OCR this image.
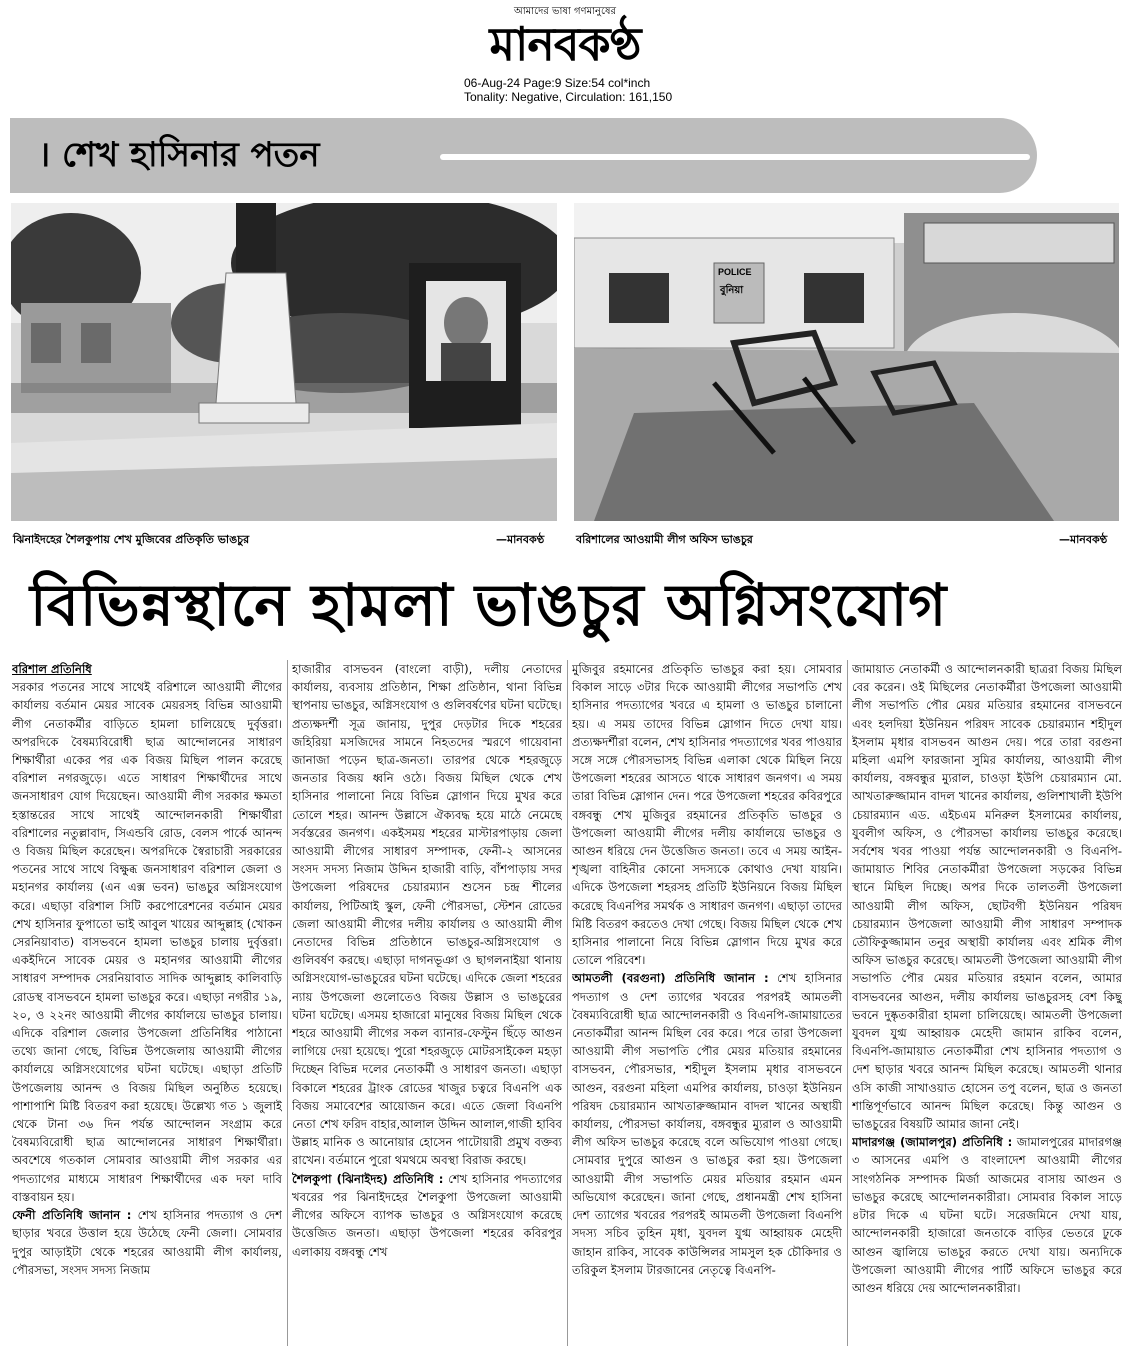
আমাদের ভাষা গণমানুষের
মানবকণ্ঠ
06-Aug-24 Page:9 Size:54 col*inch
Tonality: Negative, Circulation: 161,150
। শেখ হাসিনার পতন
ঝিনাইদহের শৈলকুপায় শেখ মুজিবের প্রতিকৃতি ভাঙচুর	—মানবকণ্ঠ
POLICE
বুনিয়া
বরিশালের আওয়ামী লীগ অফিস ভাঙচুর	—মানবকণ্ঠ
বিভিন্নস্থানে হামলা ভাঙচুর অগ্নিসংযোগ

বরিশাল প্রতিনিধি

সরকার পতনের সাথে সাথেই বরিশালে আওয়ামী লীগের কার্যালয় বর্তমান মেয়র সাবেক মেয়রসহ বিভিন্ন আওয়ামী লীগ নেতাকর্মীর বাড়িতে হামলা চালিয়েছে দুর্বৃত্তরা। অপরদিকে বৈষম্যবিরোধী ছাত্র আন্দোলনের সাধারণ শিক্ষার্থীরা একের পর এক বিজয় মিছিল পালন করেছে বরিশাল নগরজুড়ে। এতে সাধারণ শিক্ষার্থীদের সাথে জনসাধারণ যোগ দিয়েছেন। আওয়ামী লীগ সরকার ক্ষমতা হস্তান্তরের সাথে সাথেই আন্দোলনকারী শিক্ষার্থীরা বরিশালের নতুল্লাবাদ, সিএন্ডবি রোড, বেলস পার্কে আনন্দ ও বিজয় মিছিল করেছেন। অপরদিকে স্বৈরাচারী সরকারের পতনের সাথে সাথে বিক্ষুব্ধ জনসাধারণ বরিশাল জেলা ও মহানগর কার্যালয় (এন এক্স ভবন) ভাঙচুর অগ্নিসংযোগ করে। এছাড়া বরিশাল সিটি করপোরেশনের বর্তমান মেয়র শেখ হাসিনার ফুপাতো ভাই আবুল খায়ের আব্দুল্লাহ (খোকন সেরনিয়াবাত) বাসভবনে হামলা ভাঙচুর চালায় দুর্বৃত্তরা। একইদিনে সাবেক মেয়র ও মহানগর আওয়ামী লীগের সাধারণ সম্পাদক সেরনিয়াবাত সাদিক আব্দুল্লাহ কালিবাড়ি রোডস্থ বাসভবনে হামলা ভাঙচুর করে। এছাড়া নগরীর ১৯, ২০, ও ২২নং আওয়ামী লীগের কার্যালয়ে ভাঙচুর চালায়। এদিকে বরিশাল জেলার উপজেলা প্রতিনিধির পাঠানো তথ্যে জানা গেছে, বিভিন্ন উপজেলায় আওয়ামী লীগের কার্যালয়ে অগ্নিসংযোগের ঘটনা ঘটেছে। এছাড়া প্রতিটি উপজেলায় আনন্দ ও বিজয় মিছিল অনুষ্ঠিত হয়েছে। পাশাপাশি মিষ্টি বিতরণ করা হয়েছে। উল্লেখ্য গত ১ জুলাই থেকে টানা ৩৬ দিন পর্যন্ত আন্দোলন সংগ্রাম করে বৈষম্যবিরোধী ছাত্র আন্দোলনের সাধারণ শিক্ষার্থীরা। অবশেষে গতকাল সোমবার আওয়ামী লীগ সরকার এর পদত্যাগের মাধ্যমে সাধারণ শিক্ষার্থীদের এক দফা দাবি বাস্তবায়ন হয়।

ফেনী প্রতিনিধি জানান : শেখ হাসিনার পদত্যাগ ও দেশ ছাড়ার খবরে উত্তাল হয়ে উঠেছে ফেনী জেলা। সোমবার দুপুর আড়াইটা থেকে শহরের আওয়ামী লীগ কার্যালয়, পৌরসভা, সংসদ সদস্য নিজাম

হাজারীর বাসভবন (বাংলো বাড়ী), দলীয় নেতাদের কার্যালয়, ব্যবসায় প্রতিষ্ঠান, শিক্ষা প্রতিষ্ঠান, থানা বিভিন্ন স্থাপনায় ভাঙচুর, অগ্নিসংযোগ ও গুলিবর্ষণের ঘটনা ঘটেছে।

প্রত্যক্ষদর্শী সূত্র জানায়, দুপুর দেড়টার দিকে শহরের জহিরিয়া মসজিদের সামনে নিহতদের স্মরণে গায়েবানা জানাজা পড়েন ছাত্র-জনতা। তারপর থেকে শহরজুড়ে জনতার বিজয় ধ্বনি ওঠে। বিজয় মিছিল থেকে শেখ হাসিনার পালানো নিয়ে বিভিন্ন স্লোগান দিয়ে মুখর করে তোলে শহর। আনন্দ উল্লাসে ঐক্যবদ্ধ হয়ে মাঠে নেমেছে সর্বস্তরের জনগণ। একইসময় শহরের মাস্টারপাড়ায় জেলা আওয়ামী লীগের সাধারণ সম্পাদক, ফেনী-২ আসনের সংসদ সদস্য নিজাম উদ্দিন হাজারী বাড়ি, বাঁশপাড়ায় সদর উপজেলা পরিষদের চেয়ারম্যান শুসেন চন্দ্র শীলের কার্যালয়, পিটিআই স্কুল, ফেনী পৌরসভা, স্টেশন রোডের জেলা আওয়ামী লীগের দলীয় কার্যালয় ও আওয়ামী লীগ নেতাদের বিভিন্ন প্রতিষ্ঠানে ভাঙচুর-অগ্নিসংযোগ ও গুলিবর্ষণ করছে। এছাড়া দাগনভূঞা ও ছাগলনাইয়া থানায় অগ্নিসংযোগ-ভাঙচুরের ঘটনা ঘটেছে। এদিকে জেলা শহরের ন্যায় উপজেলা গুলোতেও বিজয় উল্লাস ও ভাঙচুরের ঘটনা ঘটেছে। এসময় হাজারো মানুষের বিজয় মিছিল থেকে শহরে আওয়ামী লীগের সকল ব্যানার-ফেস্টুন ছিঁড়ে আগুন লাগিয়ে দেয়া হয়েছে। পুরো শহরজুড়ে মোটরসাইকেল মহড়া দিচ্ছেন বিভিন্ন দলের নেতাকর্মী ও সাধারণ জনতা। এছাড়া বিকালে শহরের ট্রাংক রোডের খাজুর চত্বরে বিএনপি এক বিজয় সমাবেশের আয়োজন করে। এতে জেলা বিএনপি নেতা শেখ ফরিদ বাহার,আলাল উদ্দিন আলাল,গাজী হাবিব উল্লাহ মানিক ও আনোয়ার হোসেন পাটোয়ারী প্রমুখ বক্তব্য রাখেন। বর্তমানে পুরো থমথমে অবস্থা বিরাজ করছে।

শৈলকুপা (ঝিনাইদহ) প্রতিনিধি : শেখ হাসিনার পদত্যাগের খবরের পর ঝিনাইদহের শৈলকুপা উপজেলা আওয়ামী লীগের অফিসে ব্যাপক ভাঙচুর ও অগ্নিসংযোগ করেছে উত্তেজিত জনতা। এছাড়া উপজেলা শহরের কবিরপুর এলাকায় বঙ্গবন্ধু শেখ

মুজিবুর রহমানের প্রতিকৃতি ভাঙচুর করা হয়। সোমবার বিকাল সাড়ে ৩টার দিকে আওয়ামী লীগের সভাপতি শেখ হাসিনার পদত্যাগের খবরে এ হামলা ও ভাঙচুর চালানো হয়। এ সময় তাদের বিভিন্ন স্লোগান দিতে দেখা যায়। প্রত্যক্ষদর্শীরা বলেন, শেখ হাসিনার পদত্যাগের খবর পাওয়ার সঙ্গে সঙ্গে পৌরসভাসহ বিভিন্ন এলাকা থেকে মিছিল নিয়ে উপজেলা শহরের আসতে থাকে সাধারণ জনগণ। এ সময় তারা বিভিন্ন স্লোগান দেন। পরে উপজেলা শহরের কবিরপুরে বঙ্গবন্ধু শেখ মুজিবুর রহমানের প্রতিকৃতি ভাঙচুর ও উপজেলা আওয়ামী লীগের দলীয় কার্যালয়ে ভাঙচুর ও আগুন ধরিয়ে দেন উত্তেজিত জনতা। তবে এ সময় আইন-শৃঙ্খলা বাহিনীর কোনো সদস্যকে কোথাও দেখা যায়নি। এদিকে উপজেলা শহরসহ প্রতিটি ইউনিয়নে বিজয় মিছিল করেছে বিএনপির সমর্থক ও সাধারণ জনগণ। এছাড়া তাদের মিষ্টি বিতরণ করতেও দেখা গেছে। বিজয় মিছিল থেকে শেখ হাসিনার পালানো নিয়ে বিভিন্ন স্লোগান দিয়ে মুখর করে তোলে পরিবেশ।

আমতলী (বরগুনা) প্রতিনিধি জানান : শেখ হাসিনার পদত্যাগ ও দেশ ত্যাগের খবরের পরপরই আমতলী বৈষম্যবিরোধী ছাত্র আন্দোলনকারী ও বিএনপি-জামায়াতের নেতাকর্মীরা আনন্দ মিছিল বের করে। পরে তারা উপজেলা আওয়ামী লীগ সভাপতি পৌর মেয়র মতিয়ার রহমানের বাসভবন, পৌরসভার, শহীদুল ইসলাম মৃধার বাসভবনে আগুন, বরগুনা মহিলা এমপির কার্যালয়, চাওড়া ইউনিয়ন পরিষদ চেয়ারম্যান আখতারুজ্জামান বাদল খানের অস্থায়ী কার্যালয়, পৌরসভা কার্যালয়, বঙ্গবন্ধুর ম্যুরাল ও আওয়ামী লীগ অফিস ভাঙচুর করেছে বলে অভিযোগ পাওয়া গেছে। সোমবার দুপুরে আগুন ও ভাঙচুর করা হয়। উপজেলা আওয়ামী লীগ সভাপতি মেয়র মতিয়ার রহমান এমন অভিযোগ করেছেন। জানা গেছে, প্রধানমন্ত্রী শেখ হাসিনা দেশ ত্যাগের খবরের পরপরই আমতলী উপজেলা বিএনপি সদস্য সচিব তুহিন মৃধা, যুবদল যুগ্ম আহ্বায়ক মেহেদী জাহান রাকিব, সাবেক কাউন্সিলর সামসুল হক চৌকিদার ও তরিকুল ইসলাম টারজানের নেতৃত্বে বিএনপি-

জামায়াত নেতাকর্মী ও আন্দোলনকারী ছাত্ররা বিজয় মিছিল বের করেন। ওই মিছিলের নেতাকর্মীরা উপজেলা আওয়ামী লীগ সভাপতি পৌর মেয়র মতিয়ার রহমানের বাসভবনে এবং হলদিয়া ইউনিয়ন পরিষদ সাবেক চেয়ারম্যান শহীদুল ইসলাম মৃধার বাসভবন আগুন দেয়। পরে তারা বরগুনা মহিলা এমপি ফারজানা সুমির কার্যালয়, আওয়ামী লীগ কার্যালয়, বঙ্গবন্ধুর ম্যুরাল, চাওড়া ইউপি চেয়ারম্যান মো. আখতারুজ্জামান বাদল খানের কার্যালয়, গুলিশাখালী ইউপি চেয়ারম্যান এড. এইচএম মনিরুল ইসলামের কার্যালয়, যুবলীগ অফিস, ও পৌরসভা কার্যালয় ভাঙচুর করেছে। সর্বশেষ খবর পাওয়া পর্যন্ত আন্দোলনকারী ও বিএনপি-জামায়াত শিবির নেতাকর্মীরা উপজেলা সড়কের বিভিন্ন স্থানে মিছিল দিচ্ছে। অপর দিকে তালতলী উপজেলা আওয়ামী লীগ অফিস, ছোটবগী ইউনিয়ন পরিষদ চেয়ারম্যান উপজেলা আওয়ামী লীগ সাধারণ সম্পাদক তৌফিকুজ্জামান তনুর অস্থায়ী কার্যালয় এবং শ্রমিক লীগ অফিস ভাঙচুর করেছে। আমতলী উপজেলা আওয়ামী লীগ সভাপতি পৌর মেয়র মতিয়ার রহমান বলেন, আমার বাসভবনের আগুন, দলীয় কার্যালয় ভাঙচুরসহ বেশ কিছু ভবনে দুষ্কৃতকারীরা হামলা চালিয়েছে। আমতলী উপজেলা যুবদল যুগ্ম আহ্বায়ক মেহেদী জামান রাকিব বলেন, বিএনপি-জামায়াত নেতাকর্মীরা শেখ হাসিনার পদত্যাগ ও দেশ ছাড়ার খবরে আনন্দ মিছিল করেছে। আমতলী থানার ওসি কাজী সাখাওয়াত হোসেন তপু বলেন, ছাত্র ও জনতা শান্তিপূর্ণভাবে আনন্দ মিছিল করেছে। কিন্তু আগুন ও ভাঙচুরের বিষয়টি আমার জানা নেই।

মাদারগঞ্জ (জামালপুর) প্রতিনিধি : জামালপুরের মাদারগঞ্জ ৩ আসনের এমপি ও বাংলাদেশ আওয়ামী লীগের সাংগঠনিক সম্পাদক মির্জা আজমের বাসায় আগুন ও ভাঙচুর করেছে আন্দোলনকারীরা। সোমবার বিকাল সাড়ে ৪টার দিকে এ ঘটনা ঘটে। সরেজমিনে দেখা যায়, আন্দোলনকারী হাজারো জনতাকে বাড়ির ভেতরে ঢুকে আগুন জ্বালিয়ে ভাঙচুর করতে দেখা যায়। অন্যদিকে উপজেলা আওয়ামী লীগের পার্টি অফিসে ভাঙচুর করে আগুন ধরিয়ে দেয় আন্দোলনকারীরা।
